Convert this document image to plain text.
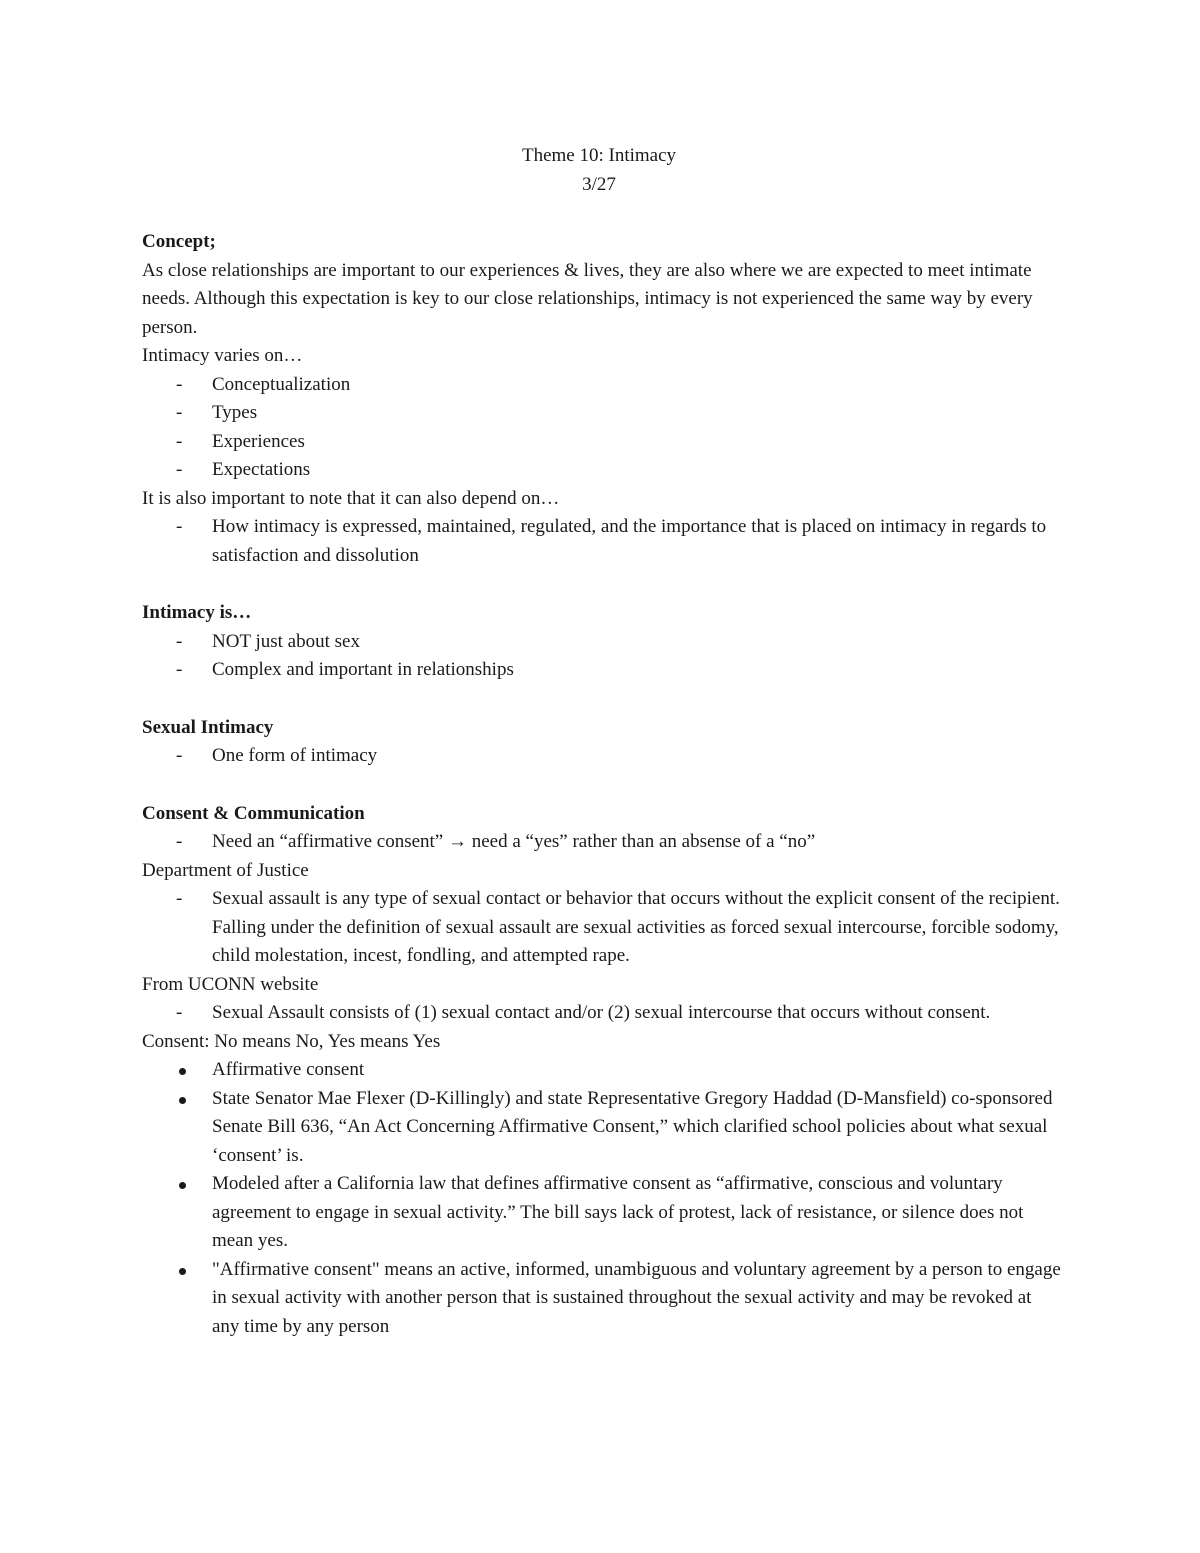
Theme 10: Intimacy
3/27
Concept;
As close relationships are important to our experiences & lives, they are also where we are expected to meet intimate needs. Although this expectation is key to our close relationships, intimacy is not experienced the same way by every person.
Intimacy varies on…
- Conceptualization
- Types
- Experiences
- Expectations
It is also important to note that it can also depend on…
- How intimacy is expressed, maintained, regulated, and the importance that is placed on intimacy in regards to satisfaction and dissolution
Intimacy is…
- NOT just about sex
- Complex and important in relationships
Sexual Intimacy
- One form of intimacy
Consent & Communication
- Need an “affirmative consent” → need a “yes” rather than an absense of a “no”
Department of Justice
- Sexual assault is any type of sexual contact or behavior that occurs without the explicit consent of the recipient. Falling under the definition of sexual assault are sexual activities as forced sexual intercourse, forcible sodomy, child molestation, incest, fondling, and attempted rape.
From UCONN website
- Sexual Assault consists of (1) sexual contact and/or (2) sexual intercourse that occurs without consent.
Consent: No means No, Yes means Yes
Affirmative consent
State Senator Mae Flexer (D-Killingly) and state Representative Gregory Haddad (D-Mansfield) co-sponsored Senate Bill 636, “An Act Concerning Affirmative Consent,” which clarified school policies about what sexual ‘consent’ is.
Modeled after a California law that defines affirmative consent as “affirmative, conscious and voluntary agreement to engage in sexual activity.” The bill says lack of protest, lack of resistance, or silence does not mean yes.
"Affirmative consent" means an active, informed, unambiguous and voluntary agreement by a person to engage in sexual activity with another person that is sustained throughout the sexual activity and may be revoked at any time by any person
